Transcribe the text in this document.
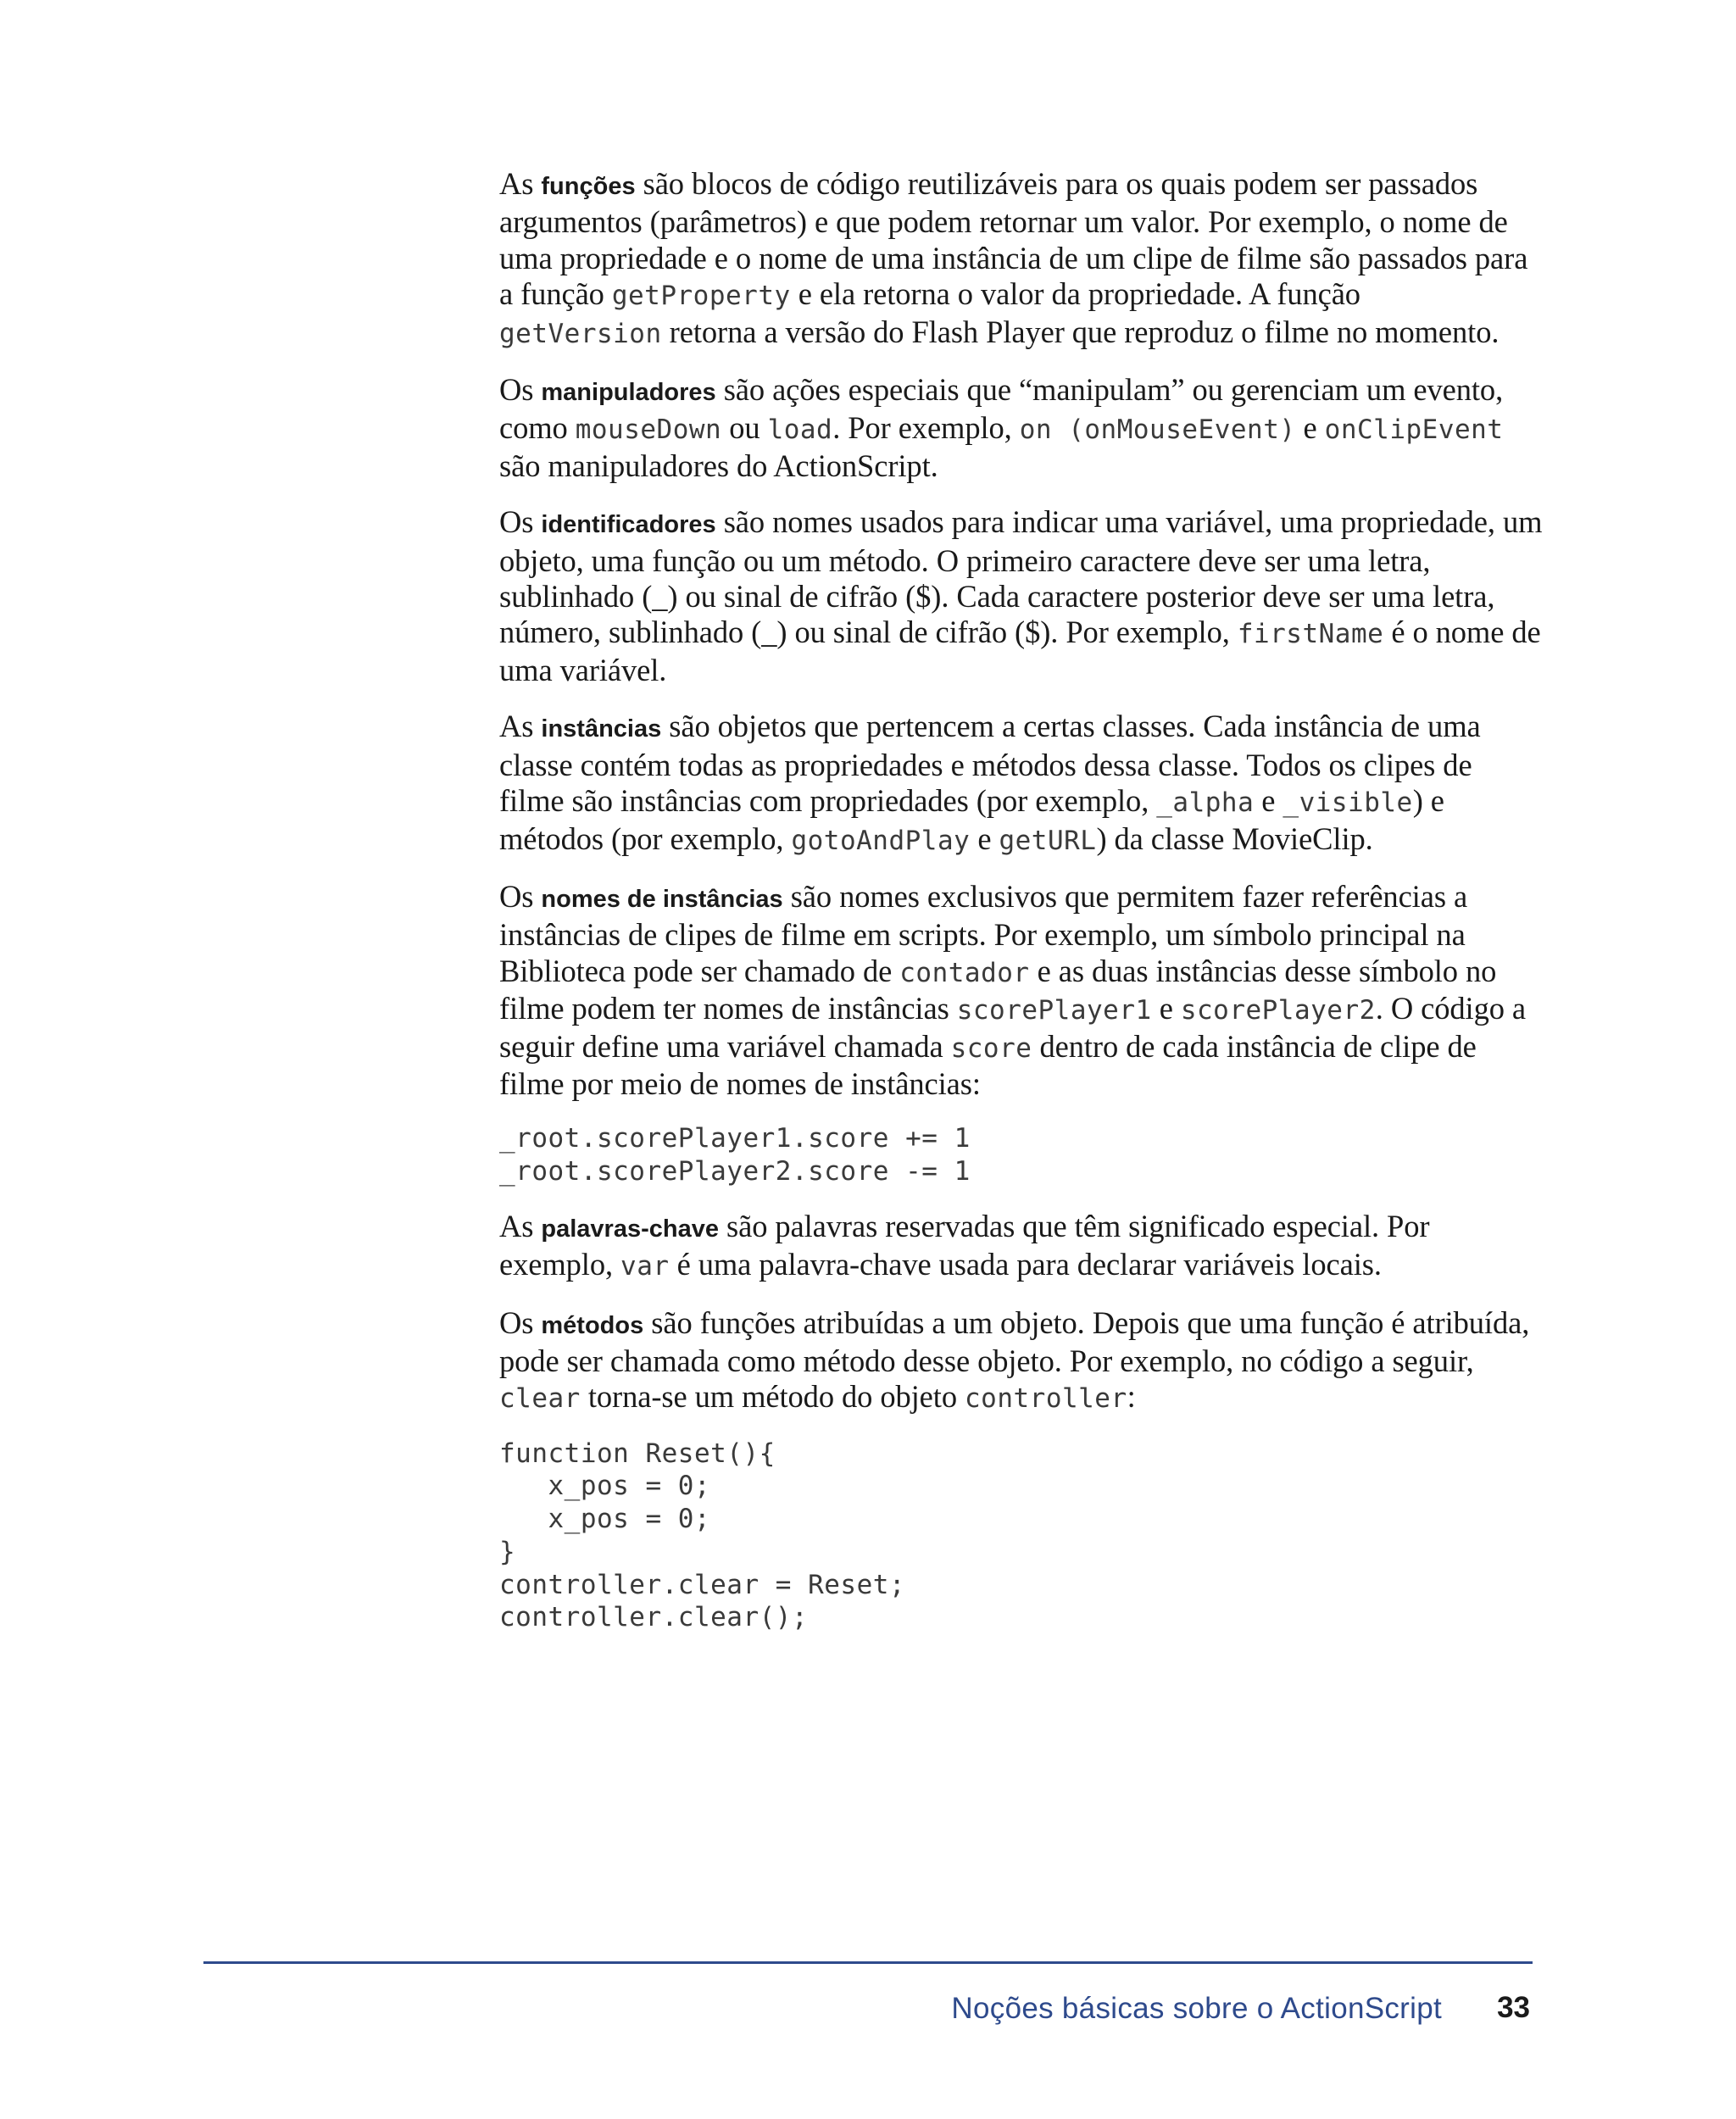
As funções são blocos de código reutilizáveis para os quais podem ser passados argumentos (parâmetros) e que podem retornar um valor. Por exemplo, o nome de uma propriedade e o nome de uma instância de um clipe de filme são passados para a função getProperty e ela retorna o valor da propriedade. A função
getVersion retorna a versão do Flash Player que reproduz o filme no momento.

Os manipuladores são ações especiais que “manipulam” ou gerenciam um evento, como mouseDown ou load. Por exemplo, on (onMouseEvent) e onClipEvent são manipuladores do ActionScript.

Os identificadores são nomes usados para indicar uma variável, uma propriedade, um objeto, uma função ou um método. O primeiro caractere deve ser uma letra, sublinhado (_) ou sinal de cifrão ($). Cada caractere posterior deve ser uma letra, número, sublinhado (_) ou sinal de cifrão ($). Por exemplo, firstName é o nome de uma variável.

As instâncias são objetos que pertencem a certas classes. Cada instância de uma classe contém todas as propriedades e métodos dessa classe. Todos os clipes de filme são instâncias com propriedades (por exemplo, _alpha e _visible) e métodos (por exemplo, gotoAndPlay e getURL) da classe MovieClip.

Os nomes de instâncias são nomes exclusivos que permitem fazer referências a instâncias de clipes de filme em scripts. Por exemplo, um símbolo principal na Biblioteca pode ser chamado de contador e as duas instâncias desse símbolo no filme podem ter nomes de instâncias scorePlayer1 e scorePlayer2. O código a seguir define uma variável chamada score dentro de cada instância de clipe de filme por meio de nomes de instâncias:

_root.scorePlayer1.score += 1
_root.scorePlayer2.score -= 1

As palavras-chave são palavras reservadas que têm significado especial. Por exemplo, var é uma palavra-chave usada para declarar variáveis locais.

Os métodos são funções atribuídas a um objeto. Depois que uma função é atribuída, pode ser chamada como método desse objeto. Por exemplo, no código a seguir, clear torna-se um método do objeto controller:

function Reset(){
x_pos = 0;
x_pos = 0;
}
controller.clear = Reset;
controller.clear();
Noções básicas sobre o ActionScript 33
